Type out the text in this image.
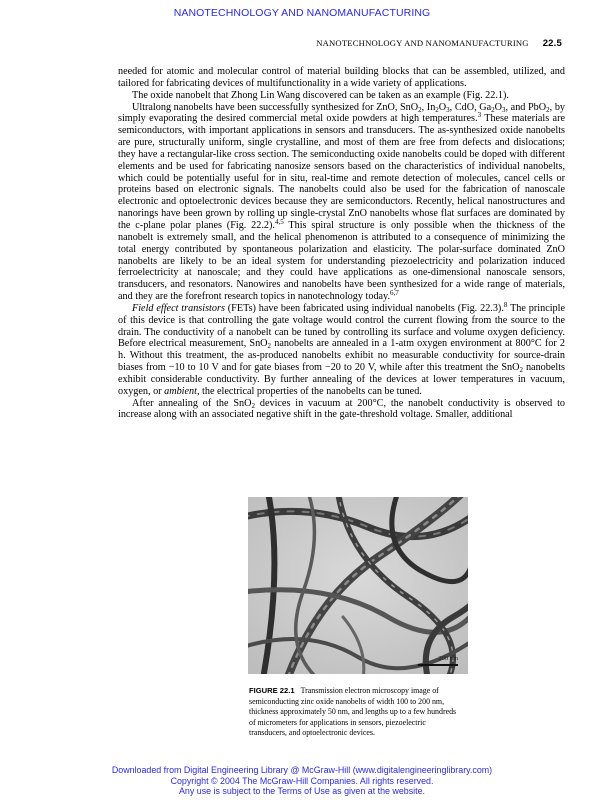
NANOTECHNOLOGY AND NANOMANUFACTURING
NANOTECHNOLOGY AND NANOMANUFACTURING 22.5

needed for atomic and molecular control of material building blocks that can be assembled, utilized, and tailored for fabricating devices of multifunctionality in a wide variety of applications.

The oxide nanobelt that Zhong Lin Wang discovered can be taken as an example (Fig. 22.1).

Ultralong nanobelts have been successfully synthesized for ZnO, SnO$_2$, $In_2O_3$, CdO, $Ga_2O_3$, and PbO$_2$, by simply evaporating the desired commercial metal oxide powders at high temperatures.$^3$ These materials are semiconductors, with important applications in sensors and transducers. The as-synthesized oxide nanobelts are pure, structurally uniform, single crystalline, and most of them are free from defects and dislocations; they have a rectangular-like cross section. The semiconducting oxide nanobelts could be doped with different elements and be used for fabricating nanosize sensors based on the characteristics of individual nanobelts, which could be potentially useful for in situ, real-time and remote detection of molecules, cancel cells or proteins based on electronic signals. The nanobelts could also be used for the fabrication of nanoscale electronic and optoelectronic devices because they are semiconductors. Recently, helical nanostructures and nanorings have been grown by rolling up single-crystal ZnO nanobelts whose flat surfaces are dominated by the c-plane polar planes (Fig. 22.2).$^{4,5}$ This spiral structure is only possible when the thickness of the nanobelt is extremely small, and the helical phenomenon is attributed to a consequence of minimizing the total energy contributed by spontaneous polarization and elasticity. The polar-surface dominated ZnO nanobelts are likely to be an ideal system for understanding piezoelectricity and polarization induced ferroelectricity at nanoscale; and they could have applications as one-dimensional nanoscale sensors, transducers, and resonators. Nanowires and nanobelts have been synthesized for a wide range of materials, and they are the forefront research topics in nanotechnology today.$^{6,7}$

Field effect transistors (FETs) have been fabricated using individual nanobelts (Fig. 22.3).$^8$ The principle of this device is that controlling the gate voltage would control the current flowing from the source to the drain. The conductivity of a nanobelt can be tuned by controlling its surface and volume oxygen deficiency. Before electrical measurement, SnO$_2$ nanobelts are annealed in a 1-atm oxygen environment at 800°C for 2 h. Without this treatment, the as-produced nanobelts exhibit no measurable conductivity for source-drain biases from −10 to 10 V and for gate biases from −20 to 20 V, while after this treatment the SnO$_2$ nanobelts exhibit considerable conductivity. By further annealing of the devices at lower temperatures in vacuum, oxygen, or ambient, the electrical properties of the nanobelts can be tuned.

After annealing of the SnO$_2$ devices in vacuum at 200°C, the nanobelt conductivity is observed to increase along with an associated negative shift in the gate-threshold voltage. Smaller, additional

200 nm
FIGURE 22.1 Transmission electron microscopy image of semiconducting zinc oxide nanobelts of width 100 to 200 nm, thickness approximately 50 nm, and lengths up to a few hundreds of micrometers for applications in sensors, piezoelectric transducers, and optoelectronic devices.
Downloaded from Digital Engineering Library @ McGraw-Hill (www.digitalengineeringlibrary.com)
Copyright © 2004 The McGraw-Hill Companies. All rights reserved.
Any use is subject to the Terms of Use as given at the website.
